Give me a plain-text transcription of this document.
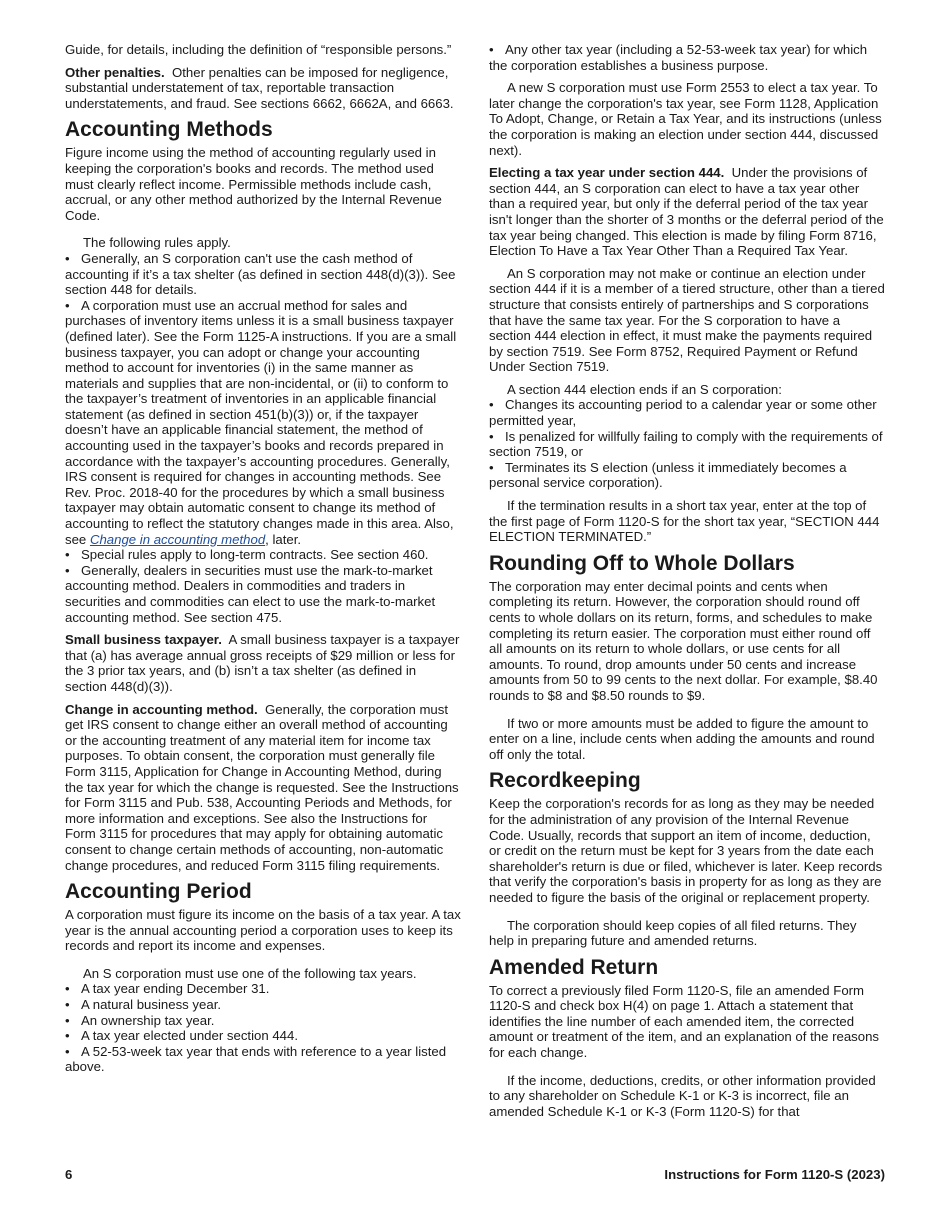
Guide, for details, including the definition of “responsible persons.”

Other penalties. Other penalties can be imposed for negligence, substantial understatement of tax, reportable transaction understatements, and fraud. See sections 6662, 6662A, and 6663.

Accounting Methods

Figure income using the method of accounting regularly used in keeping the corporation's books and records. The method used must clearly reflect income. Permissible methods include cash, accrual, or any other method authorized by the Internal Revenue Code.

The following rules apply.

• Generally, an S corporation can't use the cash method of accounting if it’s a tax shelter (as defined in section 448(d)(3)). See section 448 for details.

• A corporation must use an accrual method for sales and purchases of inventory items unless it is a small business taxpayer (defined later). See the Form 1125-A instructions. If you are a small business taxpayer, you can adopt or change your accounting method to account for inventories (i) in the same manner as materials and supplies that are non-incidental, or (ii) to conform to the taxpayer’s treatment of inventories in an applicable financial statement (as defined in section 451(b)(3)) or, if the taxpayer doesn’t have an applicable financial statement, the method of accounting used in the taxpayer’s books and records prepared in accordance with the taxpayer’s accounting procedures. Generally, IRS consent is required for changes in accounting methods. See Rev. Proc. 2018-40 for the procedures by which a small business taxpayer may obtain automatic consent to change its method of accounting to reflect the statutory changes made in this area. Also, see Change in accounting method, later.

• Special rules apply to long-term contracts. See section 460.

• Generally, dealers in securities must use the mark-to-market accounting method. Dealers in commodities and traders in securities and commodities can elect to use the mark-to-market accounting method. See section 475.

Small business taxpayer. A small business taxpayer is a taxpayer that (a) has average annual gross receipts of $29 million or less for the 3 prior tax years, and (b) isn’t a tax shelter (as defined in section 448(d)(3)).

Change in accounting method. Generally, the corporation must get IRS consent to change either an overall method of accounting or the accounting treatment of any material item for income tax purposes. To obtain consent, the corporation must generally file Form 3115, Application for Change in Accounting Method, during the tax year for which the change is requested. See the Instructions for Form 3115 and Pub. 538, Accounting Periods and Methods, for more information and exceptions. See also the Instructions for Form 3115 for procedures that may apply for obtaining automatic consent to change certain methods of accounting, non-automatic change procedures, and reduced Form 3115 filing requirements.

Accounting Period

A corporation must figure its income on the basis of a tax year. A tax year is the annual accounting period a corporation uses to keep its records and report its income and expenses.

An S corporation must use one of the following tax years.

• A tax year ending December 31.

• A natural business year.

• An ownership tax year.

• A tax year elected under section 444.

• A 52-53-week tax year that ends with reference to a year listed above.

• Any other tax year (including a 52-53-week tax year) for which the corporation establishes a business purpose.

A new S corporation must use Form 2553 to elect a tax year. To later change the corporation's tax year, see Form 1128, Application To Adopt, Change, or Retain a Tax Year, and its instructions (unless the corporation is making an election under section 444, discussed next).

Electing a tax year under section 444. Under the provisions of section 444, an S corporation can elect to have a tax year other than a required year, but only if the deferral period of the tax year isn't longer than the shorter of 3 months or the deferral period of the tax year being changed. This election is made by filing Form 8716, Election To Have a Tax Year Other Than a Required Tax Year.

An S corporation may not make or continue an election under section 444 if it is a member of a tiered structure, other than a tiered structure that consists entirely of partnerships and S corporations that have the same tax year. For the S corporation to have a section 444 election in effect, it must make the payments required by section 7519. See Form 8752, Required Payment or Refund Under Section 7519.

A section 444 election ends if an S corporation:

• Changes its accounting period to a calendar year or some other permitted year,

• Is penalized for willfully failing to comply with the requirements of section 7519, or

• Terminates its S election (unless it immediately becomes a personal service corporation).

If the termination results in a short tax year, enter at the top of the first page of Form 1120-S for the short tax year, “SECTION 444 ELECTION TERMINATED.”

Rounding Off to Whole Dollars

The corporation may enter decimal points and cents when completing its return. However, the corporation should round off cents to whole dollars on its return, forms, and schedules to make completing its return easier. The corporation must either round off all amounts on its return to whole dollars, or use cents for all amounts. To round, drop amounts under 50 cents and increase amounts from 50 to 99 cents to the next dollar. For example, $8.40 rounds to $8 and $8.50 rounds to $9.

If two or more amounts must be added to figure the amount to enter on a line, include cents when adding the amounts and round off only the total.

Recordkeeping

Keep the corporation's records for as long as they may be needed for the administration of any provision of the Internal Revenue Code. Usually, records that support an item of income, deduction, or credit on the return must be kept for 3 years from the date each shareholder's return is due or filed, whichever is later. Keep records that verify the corporation's basis in property for as long as they are needed to figure the basis of the original or replacement property.

The corporation should keep copies of all filed returns. They help in preparing future and amended returns.

Amended Return

To correct a previously filed Form 1120-S, file an amended Form 1120-S and check box H(4) on page 1. Attach a statement that identifies the line number of each amended item, the corrected amount or treatment of the item, and an explanation of the reasons for each change.

If the income, deductions, credits, or other information provided to any shareholder on Schedule K-1 or K-3 is incorrect, file an amended Schedule K-1 or K-3 (Form 1120-S) for that

6	Instructions for Form 1120-S (2023)
